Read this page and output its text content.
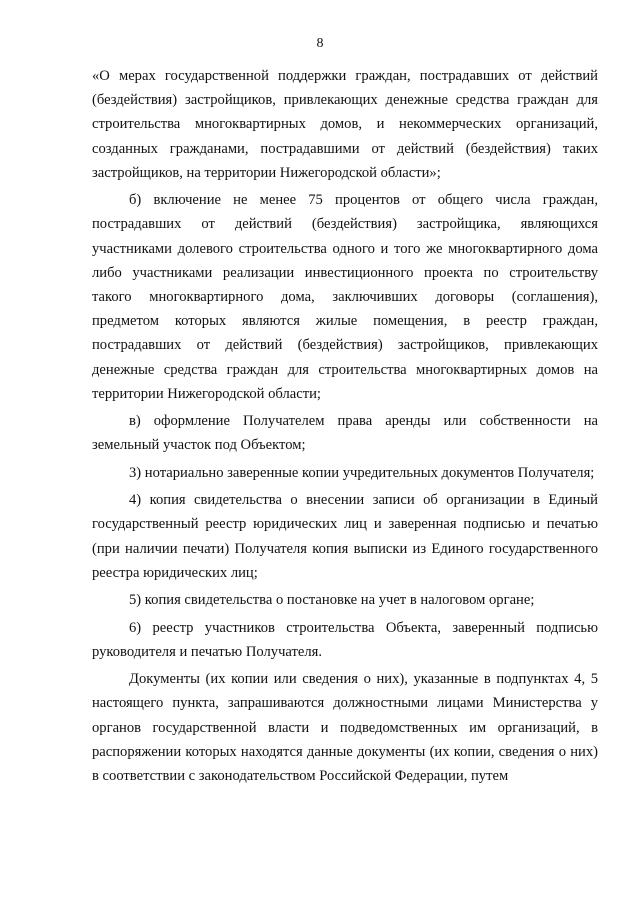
8

«О мерах государственной поддержки граждан, пострадавших от действий (бездействия) застройщиков, привлекающих денежные средства граждан для строительства многоквартирных домов, и некоммерческих организаций, созданных гражданами, пострадавшими от действий (бездействия) таких застройщиков, на территории Нижегородской области»;

б) включение не менее 75 процентов от общего числа граждан, пострадавших от действий (бездействия) застройщика, являющихся участниками долевого строительства одного и того же многоквартирного дома либо участниками реализации инвестиционного проекта по строительству такого многоквартирного дома, заключивших договоры (соглашения), предметом которых являются жилые помещения, в реестр граждан, пострадавших от действий (бездействия) застройщиков, привлекающих денежные средства граждан для строительства многоквартирных домов на территории Нижегородской области;

в) оформление Получателем права аренды или собственности на земельный участок под Объектом;

3) нотариально заверенные копии учредительных документов Получателя;

4) копия свидетельства о внесении записи об организации в Единый государственный реестр юридических лиц и заверенная подписью и печатью (при наличии печати) Получателя копия выписки из Единого государственного реестра юридических лиц;

5) копия свидетельства о постановке на учет в налоговом органе;

6) реестр участников строительства Объекта, заверенный подписью руководителя и печатью Получателя.

Документы (их копии или сведения о них), указанные в подпунктах 4, 5 настоящего пункта, запрашиваются должностными лицами Министерства у органов государственной власти и подведомственных им организаций, в распоряжении которых находятся данные документы (их копии, сведения о них) в соответствии с законодательством Российской Федерации, путем
